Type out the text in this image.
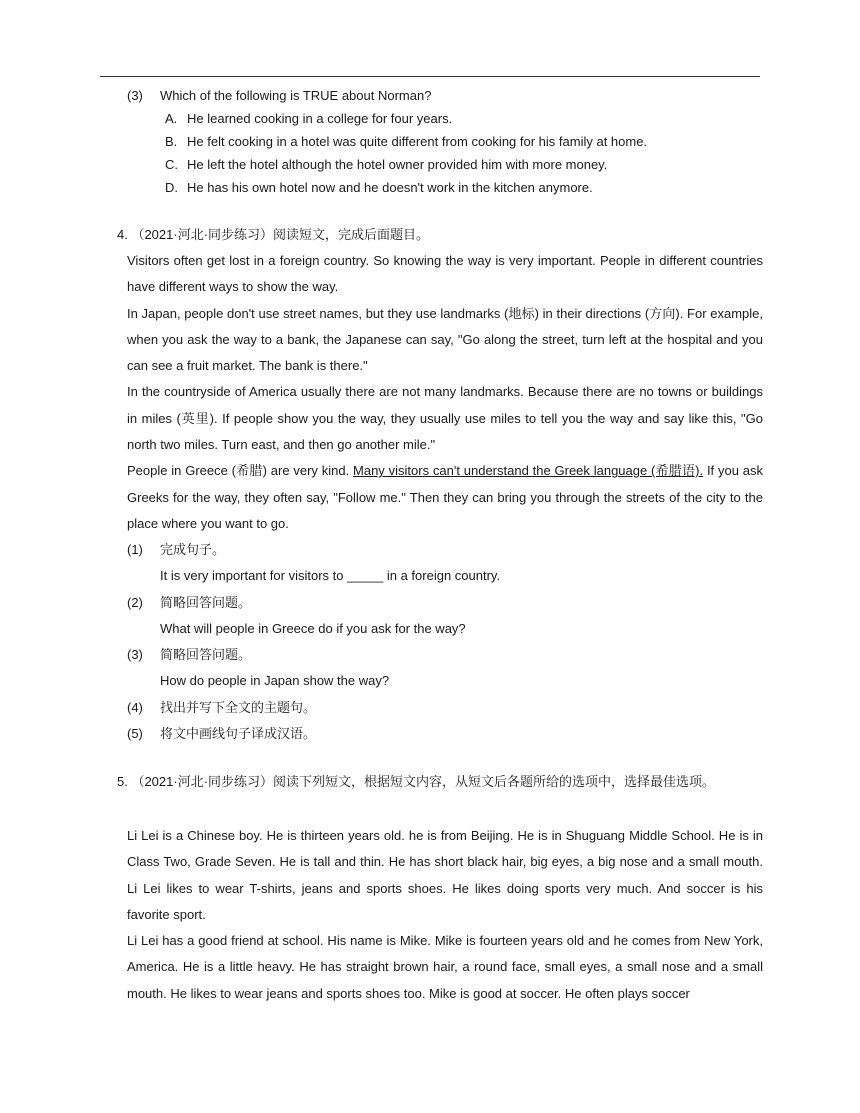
(3) Which of the following is TRUE about Norman?
A. He learned cooking in a college for four years.
B. He felt cooking in a hotel was quite different from cooking for his family at home.
C. He left the hotel although the hotel owner provided him with more money.
D. He has his own hotel now and he doesn't work in the kitchen anymore.
4. （2021·河北·同步练习）阅读短文，完成后面题目。

Visitors often get lost in a foreign country. So knowing the way is very important. People in different countries have different ways to show the way.

In Japan, people don't use street names, but they use landmarks (地标) in their directions (方向). For example, when you ask the way to a bank, the Japanese can say, "Go along the street, turn left at the hospital and you can see a fruit market. The bank is there."

In the countryside of America usually there are not many landmarks. Because there are no towns or buildings in miles (英里). If people show you the way, they usually use miles to tell you the way and say like this, "Go north two miles. Turn east, and then go another mile."

People in Greece (希腊) are very kind. Many visitors can't understand the Greek language (希腊语). If you ask Greeks for the way, they often say, "Follow me." Then they can bring you through the streets of the city to the place where you want to go.

(1) 完成句子。
It is very important for visitors to _____ in a foreign country.
(2) 简略回答问题。
What will people in Greece do if you ask for the way?
(3) 简略回答问题。
How do people in Japan show the way?
(4) 找出并写下全文的主题句。
(5) 将文中画线句子译成汉语。
5. （2021·河北·同步练习）阅读下列短文，根据短文内容，从短文后各题所给的选项中，选择最佳选项。

Li Lei is a Chinese boy. He is thirteen years old. he is from Beijing. He is in Shuguang Middle School. He is in Class Two, Grade Seven. He is tall and thin. He has short black hair, big eyes, a big nose and a small mouth. Li Lei likes to wear T-shirts, jeans and sports shoes. He likes doing sports very much. And soccer is his favorite sport.

Li Lei has a good friend at school. His name is Mike. Mike is fourteen years old and he comes from New York, America. He is a little heavy. He has straight brown hair, a round face, small eyes, a small nose and a small mouth. He likes to wear jeans and sports shoes too. Mike is good at soccer. He often plays soccer
